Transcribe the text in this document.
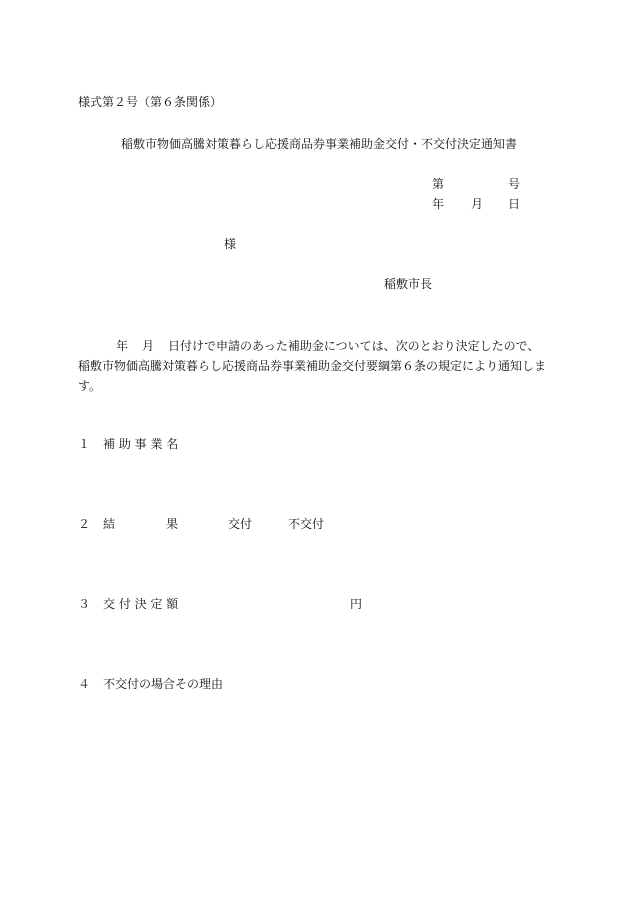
様式第２号（第６条関係）
稲敷市物価高騰対策暮らし応援商品券事業補助金交付・不交付決定通知書
第	号
年 月 日
様
稲敷市長
年 月 日付けで申請のあった補助金については、次のとおり決定したので、稲敷市物価高騰対策暮らし応援商品券事業補助金交付要綱第６条の規定により通知します。
１ 補 助 事 業 名
２ 結	果	交付	不交付
３ 交 付 決 定 額	円
４ 不交付の場合その理由
